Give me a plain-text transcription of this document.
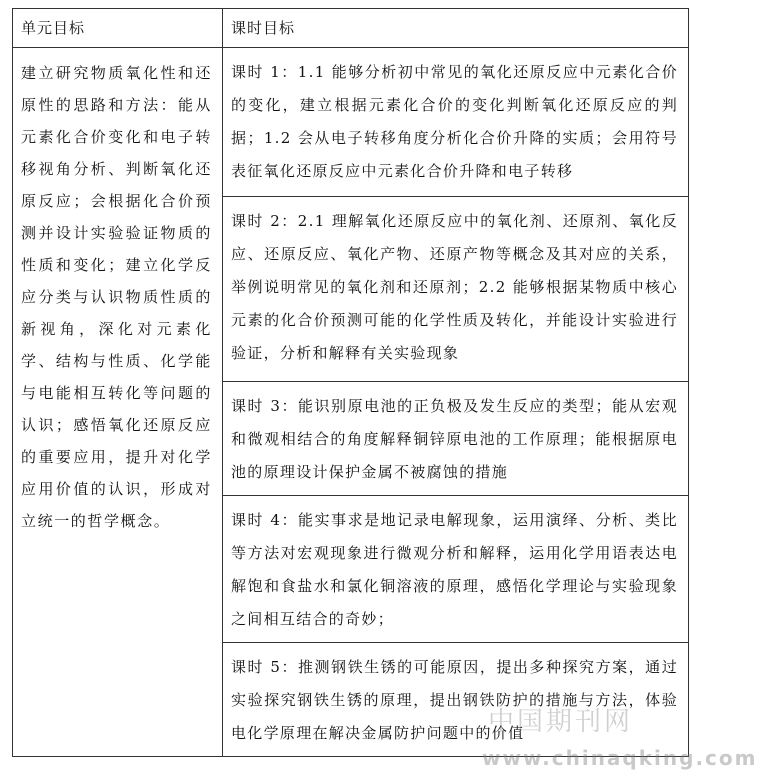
单元目标	课时目标

建立研究物质氧化性和还原性的思路和方法：能从元素化合价变化和电子转移视角分析、判断氧化还原反应；会根据化合价预测并设计实验验证物质的性质和变化；建立化学反应分类与认识物质性质的新视角，深化对元素化学、结构与性质、化学能与电能相互转化等问题的认识；感悟氧化还原反应的重要应用，提升对化学应用价值的认识，形成对立统一的哲学概念。	课时 1：1.1 能够分析初中常见的氧化还原反应中元素化合价的变化，建立根据元素化合价的变化判断氧化还原反应的判据；1.2 会从电子转移角度分析化合价升降的实质；会用符号表征氧化还原反应中元素化合价升降和电子转移

	课时 2：2.1 理解氧化还原反应中的氧化剂、还原剂、氧化反应、还原反应、氧化产物、还原产物等概念及其对应的关系，举例说明常见的氧化剂和还原剂；2.2 能够根据某物质中核心元素的化合价预测可能的化学性质及转化，并能设计实验进行验证，分析和解释有关实验现象

	课时 3：能识别原电池的正负极及发生反应的类型；能从宏观和微观相结合的角度解释铜锌原电池的工作原理；能根据原电池的原理设计保护金属不被腐蚀的措施

	课时 4：能实事求是地记录电解现象，运用演绎、分析、类比等方法对宏观现象进行微观分析和解释，运用化学用语表达电解饱和食盐水和氯化铜溶液的原理，感悟化学理论与实验现象之间相互结合的奇妙；

	课时 5：推测钢铁生锈的可能原因，提出多种探究方案，通过实验探究钢铁生锈的原理，提出钢铁防护的措施与方法，体验电化学原理在解决金属防护问题中的价值
中国期刊网
www.chinaqking.com
